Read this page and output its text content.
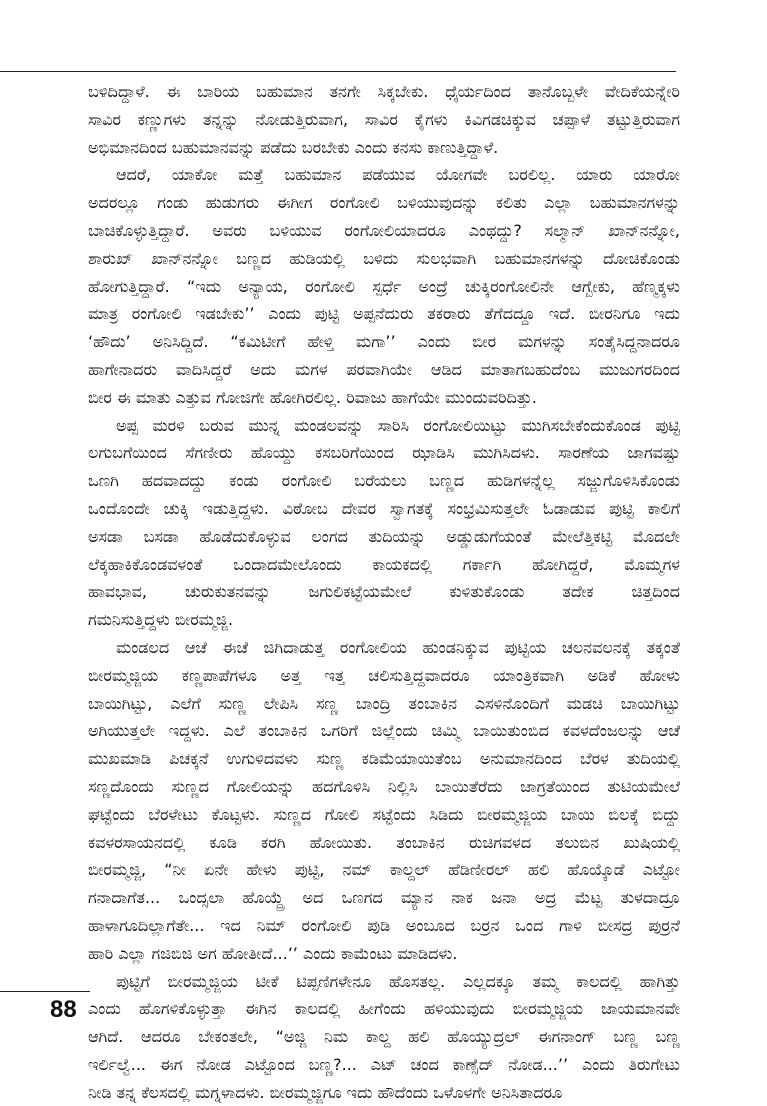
ಬಳಿದಿದ್ದಾಳೆ. ಈ ಬಾರಿಯ ಬಹುಮಾನ ತನಗೇ ಸಿಕ್ಕಬೇಕು. ಧೈರ್ಯದಿಂದ ತಾನೊಬ್ಬಳೇ ವೇದಿಕೆಯನ್ನೇರಿ
ಸಾವಿರ ಕಣ್ಣುಗಳು ತನ್ನನ್ನು ನೋಡುತ್ತಿರುವಾಗ, ಸಾವಿರ ಕೈಗಳು ಕಿವಿಗಡಚಿಕ್ಕುವ ಚಪ್ಪಾಳೆ ತಟ್ಟುತ್ತಿರುವಾಗ
ಅಭಿಮಾನದಿಂದ ಬಹುಮಾನವನ್ನು ಪಡೆದು ಬರಬೇಕು ಎಂದು ಕನಸು ಕಾಣುತ್ತಿದ್ದಾಳೆ.

ಆದರೆ, ಯಾಕೋ ಮತ್ತೆ ಬಹುಮಾನ ಪಡೆಯುವ ಯೋಗವೇ ಬರಲಿಲ್ಲ. ಯಾರು ಯಾರೋ
ಅದರಲ್ಲೂ ಗಂಡು ಹುಡುಗರು ಈಗೀಗ ರಂಗೋಲಿ ಬಳಿಯುವುದನ್ನು ಕಲಿತು ಎಲ್ಲಾ ಬಹುಮಾನಗಳನ್ನು
ಬಾಚಿಕೊಳ್ಳುತ್ತಿದ್ದಾರೆ. ಅವರು ಬಳಿಯುವ ರಂಗೋಲಿಯಾದರೂ ಎಂಥದ್ದು? ಸಲ್ಮಾನ್ ಖಾನ್‌ನನ್ನೋ,
ಶಾರುಖ್ ಖಾನ್‌ನನ್ನೋ ಬಣ್ಣದ ಹುಡಿಯಲ್ಲಿ ಬಳಿದು ಸುಲಭವಾಗಿ ಬಹುಮಾನಗಳನ್ನು ದೋಚಿಕೊಂಡು
ಹೋಗುತ್ತಿದ್ದಾರೆ. “ಇದು ಅನ್ಯಾಯ, ರಂಗೋಲಿ ಸ್ಪರ್ಧೆ ಅಂದ್ರೆ ಚುಕ್ಕಿರಂಗೋಲಿನೇ ಆಗ್ಬೇಕು, ಹೆಣ್ಮಕ್ಕಳು
ಮಾತ್ರ ರಂಗೋಲಿ ಇಡಬೇಕು’’ ಎಂದು ಪುಟ್ಟಿ ಅಪ್ಪನೆದುರು ತಕರಾರು ತೆಗೆದದ್ದೂ ಇದೆ. ಬೀರನಿಗೂ ಇದು
‘ಹೌದು’ ಅನಿಸಿದ್ದಿದೆ. “ಕಮಿಟೀಗೆ ಹೇಳ್ತಿ ಮಗಾ’’ ಎಂದು ಬೀರ ಮಗಳನ್ನು ಸಂತೈಸಿದ್ದನಾದರೂ
ಹಾಗೇನಾದರು ವಾದಿಸಿದ್ದರೆ ಅದು ಮಗಳ ಪರವಾಗಿಯೇ ಆಡಿದ ಮಾತಾಗಬಹುದೆಂಬ ಮುಜುಗರದಿಂದ
ಬೀರ ಈ ಮಾತು ಎತ್ತುವ ಗೋಜಿಗೇ ಹೋಗಿರಲಿಲ್ಲ. ರಿವಾಜು ಹಾಗೆಯೇ ಮುಂದುವರಿದಿತ್ತು.

ಅಪ್ಪ ಮರಳಿ ಬರುವ ಮುನ್ನ ಮಂಡಲವನ್ನು ಸಾರಿಸಿ ರಂಗೋಲಿಯಿಟ್ಟು ಮುಗಿಸಬೇಕೆಂದುಕೊಂಡ ಪುಟ್ಟಿ
ಲಗುಬಗೆಯಿಂದ ಸೆಗಣೀರು ಹೊಯ್ದು ಕಸಬರಿಗೆಯಿಂದ ಝಾಡಿಸಿ ಮುಗಿಸಿದಳು. ಸಾರಣೆಯ ಜಾಗವಷ್ಟು
ಒಣಗಿ ಹದವಾದದ್ದು ಕಂಡು ರಂಗೋಲಿ ಬರೆಯಲು ಬಣ್ಣದ ಹುಡಿಗಳನ್ನೆಲ್ಲ ಸಜ್ಜುಗೊಳಿಸಿಕೊಂಡು
ಒಂದೊಂದೇ ಚುಕ್ಕಿ ಇಡುತ್ತಿದ್ದಳು. ವಿಠೋಬ ದೇವರ ಸ್ವಾಗತಕ್ಕೆ ಸಂಭ್ರಮಿಸುತ್ತಲೇ ಓಡಾಡುವ ಪುಟ್ಟಿ ಕಾಲಿಗೆ
ಅಸಡಾ ಬಸಡಾ ಹೊಡೆದುಕೊಳ್ಳುವ ಲಂಗದ ತುದಿಯನ್ನು ಅಡ್ಡುಡುಗೆಯಂತೆ ಮೇಲೆತ್ತಿಕಟ್ಟಿ ಮೊದಲೇ
ಲೆಕ್ಕಹಾಕಿಕೊಂಡವಳಂತೆ ಒಂದಾದಮೇಲೊಂದು ಕಾಯಕದಲ್ಲಿ ಗರ್ಕಾಗಿ ಹೋಗಿದ್ದರೆ, ಮೊಮ್ಮಗಳ
ಹಾವಭಾವ, ಚುರುಕುತನವನ್ನು ಜಗುಲಿಕಟ್ಟೆಯಮೇಲೆ ಕುಳಿತುಕೊಂಡು ತದೇಕ ಚಿತ್ತದಿಂದ
ಗಮನಿಸುತ್ತಿದ್ದಳು ಬೀರಮ್ಮಜ್ಜಿ.

ಮಂಡಲದ ಆಚೆ ಈಚೆ ಜಿಗಿದಾಡುತ್ತ ರಂಗೋಲಿಯ ಹುಂಡನಿಕ್ಕುವ ಪುಟ್ಟಿಯ ಚಲನವಲನಕ್ಕೆ ತಕ್ಕಂತೆ
ಬೀರಮ್ಮಜ್ಜಿಯ ಕಣ್ಣಪಾಪೆಗಳೂ ಅತ್ತ ಇತ್ತ ಚಲಿಸುತ್ತಿದ್ದವಾದರೂ ಯಾಂತ್ರಿಕವಾಗಿ ಅಡಿಕೆ ಹೋಳು
ಬಾಯಿಗಿಟ್ಟು, ಎಲೆಗೆ ಸುಣ್ಣ ಲೇಪಿಸಿ ಸಣ್ಣ ಬಾಂದ್ರಿ ತಂಬಾಕಿನ ಎಸಳಿನೊಂದಿಗೆ ಮಡಚಿ ಬಾಯಿಗಿಟ್ಟು
ಅಗಿಯುತ್ತಲೇ ಇದ್ದಳು. ಎಲೆ ತಂಬಾಕಿನ ಒಗರಿಗೆ ಜಿಲ್ಲೆಂದು ಚಿಮ್ಮಿ ಬಾಯಿತುಂಬಿದ ಕವಳದೆಂಜಲನ್ನು ಆಚೆ
ಮುಖಮಾಡಿ ಪಿಚಕ್ಕನೆ ಉಗುಳಿದವಳು ಸುಣ್ಣ ಕಡಿಮೆಯಾಯಿತೆಂಬ ಅನುಮಾನದಿಂದ ಬೆರಳ ತುದಿಯಲ್ಲಿ
ಸಣ್ಣದೊಂದು ಸುಣ್ಣದ ಗೋಲಿಯನ್ನು ಹದಗೊಳಿಸಿ ನಿಲ್ಲಿಸಿ ಬಾಯಿತೆರೆದು ಜಾಗ್ರತೆಯಿಂದ ತುಟಿಯಮೇಲೆ
ಘಟ್ಟೆಂದು ಬೆರಳೇಟು ಕೊಟ್ಟಳು. ಸುಣ್ಣದ ಗೋಲಿ ಸಟ್ಟೆಂದು ಸಿಡಿದು ಬೀರಮ್ಮಜ್ಜಿಯ ಬಾಯಿ ಬಿಲಕ್ಕೆ ಬಿದ್ದು
ಕವಳರಸಾಯನದಲ್ಲಿ ಕೂಡಿ ಕರಗಿ ಹೋಯಿತು. ತಂಬಾಕಿನ ರುಚಿಗವಳದ ತಲುಬಿನ ಖುಷಿಯಲ್ಲಿ
ಬೀರಮ್ಮಜ್ಜಿ, “ನೀ ಏನೇ ಹೇಳು ಪುಟ್ಟಿ, ನಮ್ ಕಾಲ್ದಲ್ ಹೆಡಿಣೀರಲ್ ಹಲಿ ಹೊಯ್ಕೊಡೆ ಎಟ್ಟೋ
ಗನಾದಾಗೆತ... ಒಂದ್ಸಲಾ ಹೊಯ್ದ್ರೆ ಅದ ಒಣಗದ ಮ್ಯಾನ ನಾಕ ಜನಾ ಅದ್ರ ಮೆಟ್ಟ ತುಳದಾದ್ರೂ
ಹಾಳಾಗೂದಿಲ್ಲಾಗೆತೇ... ಇದ ನಿಮ್ ರಂಗೋಲಿ ಪುಡಿ ಅಂಬೂದ ಬರ್ರನ ಒಂದ ಗಾಳಿ ಬೀಸದ್ರ ಪುರ್ರನೆ
ಹಾರಿ ಎಲ್ಲಾ ಗಜಿಬಿಜಿ ಅಗ ಹೋತೀದೆ...’’ ಎಂದು ಕಾಮೆಂಟು ಮಾಡಿದಳು.

ಪುಟ್ಟಿಗೆ ಬೀರಮ್ಮಜ್ಜಿಯ ಟೀಕೆ ಟಿಪ್ಪಣಿಗಳೇನೂ ಹೊಸತಲ್ಲ. ಎಲ್ಲದಕ್ಕೂ ತಮ್ಮ ಕಾಲದಲ್ಲಿ ಹಾಗಿತ್ತು
ಎಂದು ಹೊಗಳಿಕೊಳ್ಳುತ್ತಾ ಈಗಿನ ಕಾಲದಲ್ಲಿ ಹೀಗೆಂದು ಹಳಿಯುವುದು ಬೀರಮ್ಮಜ್ಜಿಯ ಜಾಯಮಾನವೇ
ಆಗಿದೆ. ಆದರೂ ಬೇಕಂತಲೇ, “ಅಜ್ಜಿ ನಿಮ ಕಾಲ್ದ ಹಲಿ ಹೊಯ್ಯುದ್ರಲ್ ಈಗನಾಂಗ್ ಬಣ್ಣ ಬಣ್ಣ
ಇರ್ಲಿಲ್ವೆ... ಈಗ ನೋಡ ಎಟ್ಟೊಂದ ಬಣ್ಣ?... ಎಟ್ ಚಂದ ಕಾಣ್ಸೆದ್ ನೋಡ...’’ ಎಂದು ತಿರುಗೇಟು
ನೀಡಿ ತನ್ನ ಕೆಲಸದಲ್ಲಿ ಮಗ್ನಳಾದಳು. ಬೀರಮ್ಮಜ್ಜಿಗೂ ಇದು ಹೌದೆಂದು ಒಳೊಳಗೇ ಅನಿಸಿತಾದರೂ

88
